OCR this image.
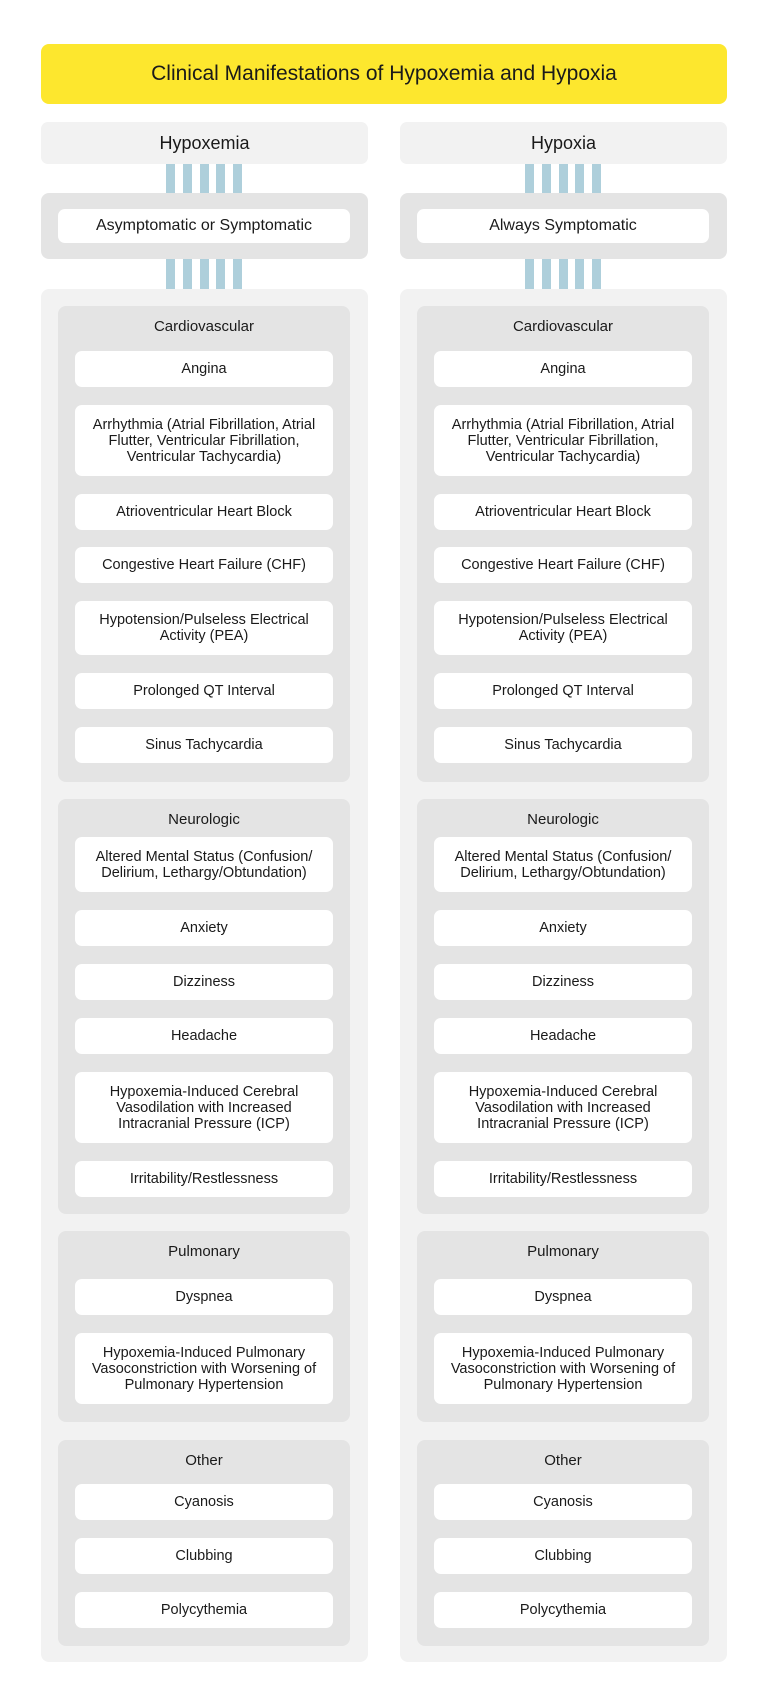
Clinical Manifestations of Hypoxemia and Hypoxia
Hypoxemia
Asymptomatic or Symptomatic
Cardiovascular
Angina
Arrhythmia (Atrial Fibrillation, Atrial Flutter, Ventricular Fibrillation, Ventricular Tachycardia)
Atrioventricular Heart Block
Congestive Heart Failure (CHF)
Hypotension/Pulseless Electrical Activity (PEA)
Prolonged QT Interval
Sinus Tachycardia
Neurologic
Altered Mental Status (Confusion/ Delirium, Lethargy/Obtundation)
Anxiety
Dizziness
Headache
Hypoxemia-Induced Cerebral Vasodilation with Increased Intracranial Pressure (ICP)
Irritability/Restlessness
Pulmonary
Dyspnea
Hypoxemia-Induced Pulmonary Vasoconstriction with Worsening of Pulmonary Hypertension
Other
Cyanosis
Clubbing
Polycythemia
Hypoxia
Always Symptomatic
Cardiovascular
Angina
Arrhythmia (Atrial Fibrillation, Atrial Flutter, Ventricular Fibrillation, Ventricular Tachycardia)
Atrioventricular Heart Block
Congestive Heart Failure (CHF)
Hypotension/Pulseless Electrical Activity (PEA)
Prolonged QT Interval
Sinus Tachycardia
Neurologic
Altered Mental Status (Confusion/ Delirium, Lethargy/Obtundation)
Anxiety
Dizziness
Headache
Hypoxemia-Induced Cerebral Vasodilation with Increased Intracranial Pressure (ICP)
Irritability/Restlessness
Pulmonary
Dyspnea
Hypoxemia-Induced Pulmonary Vasoconstriction with Worsening of Pulmonary Hypertension
Other
Cyanosis
Clubbing
Polycythemia
